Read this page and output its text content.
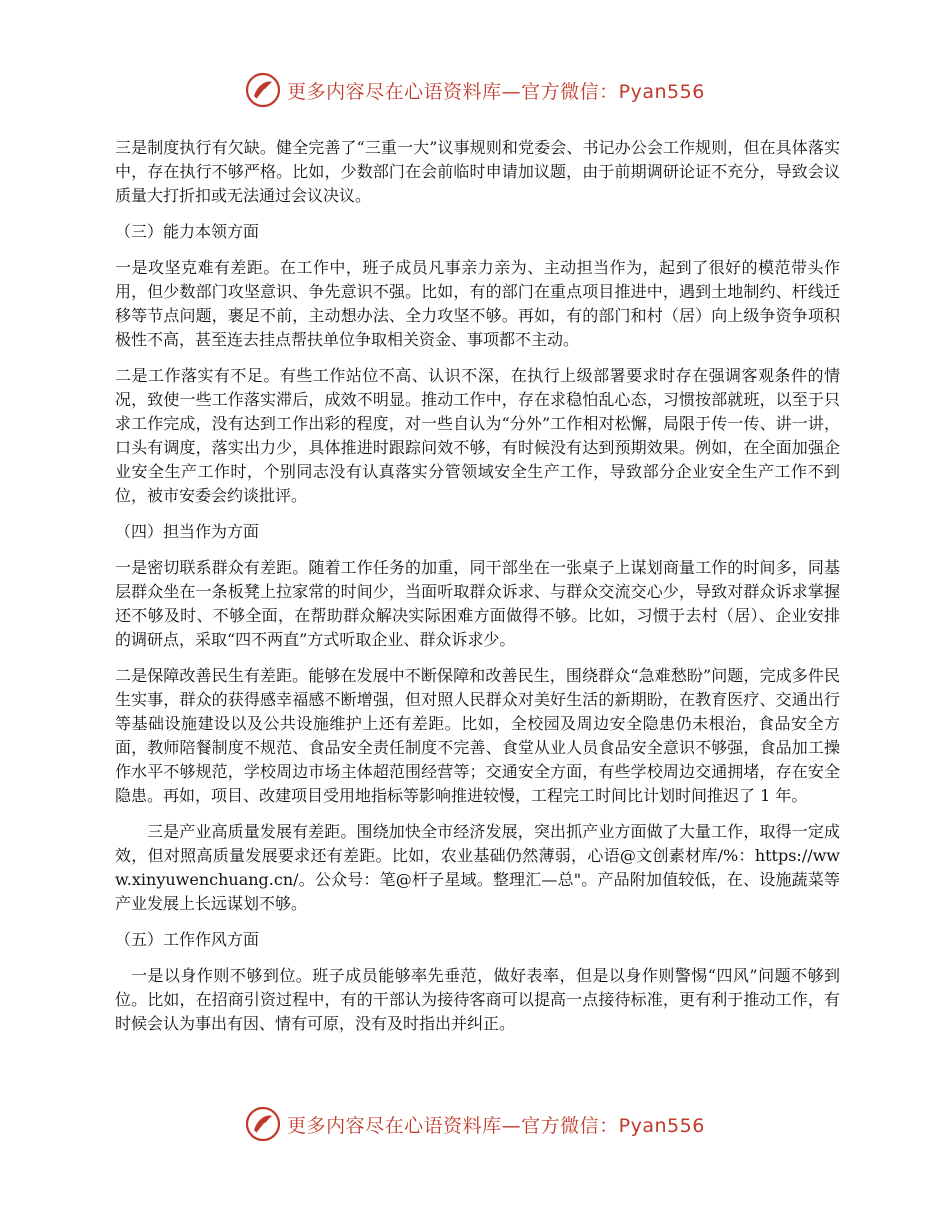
更多内容尽在心语资料库—官方微信：Pyan556

三是制度执行有欠缺。健全完善了“三重一大”议事规则和党委会、书记办公会工作规则，但在具体落实中，存在执行不够严格。比如，少数部门在会前临时申请加议题，由于前期调研论证不充分，导致会议质量大打折扣或无法通过会议决议。

（三）能力本领方面

一是攻坚克难有差距。在工作中，班子成员凡事亲力亲为、主动担当作为，起到了很好的模范带头作用，但少数部门攻坚意识、争先意识不强。比如，有的部门在重点项目推进中，遇到土地制约、杆线迁移等节点问题，裹足不前，主动想办法、全力攻坚不够。再如，有的部门和村（居）向上级争资争项积极性不高，甚至连去挂点帮扶单位争取相关资金、事项都不主动。

二是工作落实有不足。有些工作站位不高、认识不深，在执行上级部署要求时存在强调客观条件的情况，致使一些工作落实滞后，成效不明显。推动工作中，存在求稳怕乱心态，习惯按部就班，以至于只求工作完成，没有达到工作出彩的程度，对一些自认为“分外”工作相对松懈，局限于传一传、讲一讲，口头有调度，落实出力少，具体推进时跟踪问效不够，有时候没有达到预期效果。例如，在全面加强企业安全生产工作时，个别同志没有认真落实分管领域安全生产工作，导致部分企业安全生产工作不到位，被市安委会约谈批评。

（四）担当作为方面

一是密切联系群众有差距。随着工作任务的加重，同干部坐在一张桌子上谋划商量工作的时间多，同基层群众坐在一条板凳上拉家常的时间少，当面听取群众诉求、与群众交流交心少，导致对群众诉求掌握还不够及时、不够全面，在帮助群众解决实际困难方面做得不够。比如，习惯于去村（居）、企业安排的调研点，采取“四不两直”方式听取企业、群众诉求少。

二是保障改善民生有差距。能够在发展中不断保障和改善民生，围绕群众“急难愁盼”问题，完成多件民生实事，群众的获得感幸福感不断增强，但对照人民群众对美好生活的新期盼，在教育医疗、交通出行等基础设施建设以及公共设施维护上还有差距。比如，全校园及周边安全隐患仍未根治，食品安全方面，教师陪餐制度不规范、食品安全责任制度不完善、食堂从业人员食品安全意识不够强，食品加工操作水平不够规范，学校周边市场主体超范围经营等；交通安全方面，有些学校周边交通拥堵，存在安全隐患。再如，项目、改建项目受用地指标等影响推进较慢，工程完工时间比计划时间推迟了 1 年。

三是产业高质量发展有差距。围绕加快全市经济发展，突出抓产业方面做了大量工作，取得一定成效，但对照高质量发展要求还有差距。比如，农业基础仍然薄弱，心语@文创素材库/%：https://www.xinyuwenchuang.cn/。公众号：笔@杆子星域。整理汇—总"。产品附加值较低，在、设施蔬菜等产业发展上长远谋划不够。

（五）工作作风方面

一是以身作则不够到位。班子成员能够率先垂范，做好表率，但是以身作则警惕“四风”问题不够到位。比如，在招商引资过程中，有的干部认为接待客商可以提高一点接待标准，更有利于推动工作，有时候会认为事出有因、情有可原，没有及时指出并纠正。

更多内容尽在心语资料库—官方微信：Pyan556
